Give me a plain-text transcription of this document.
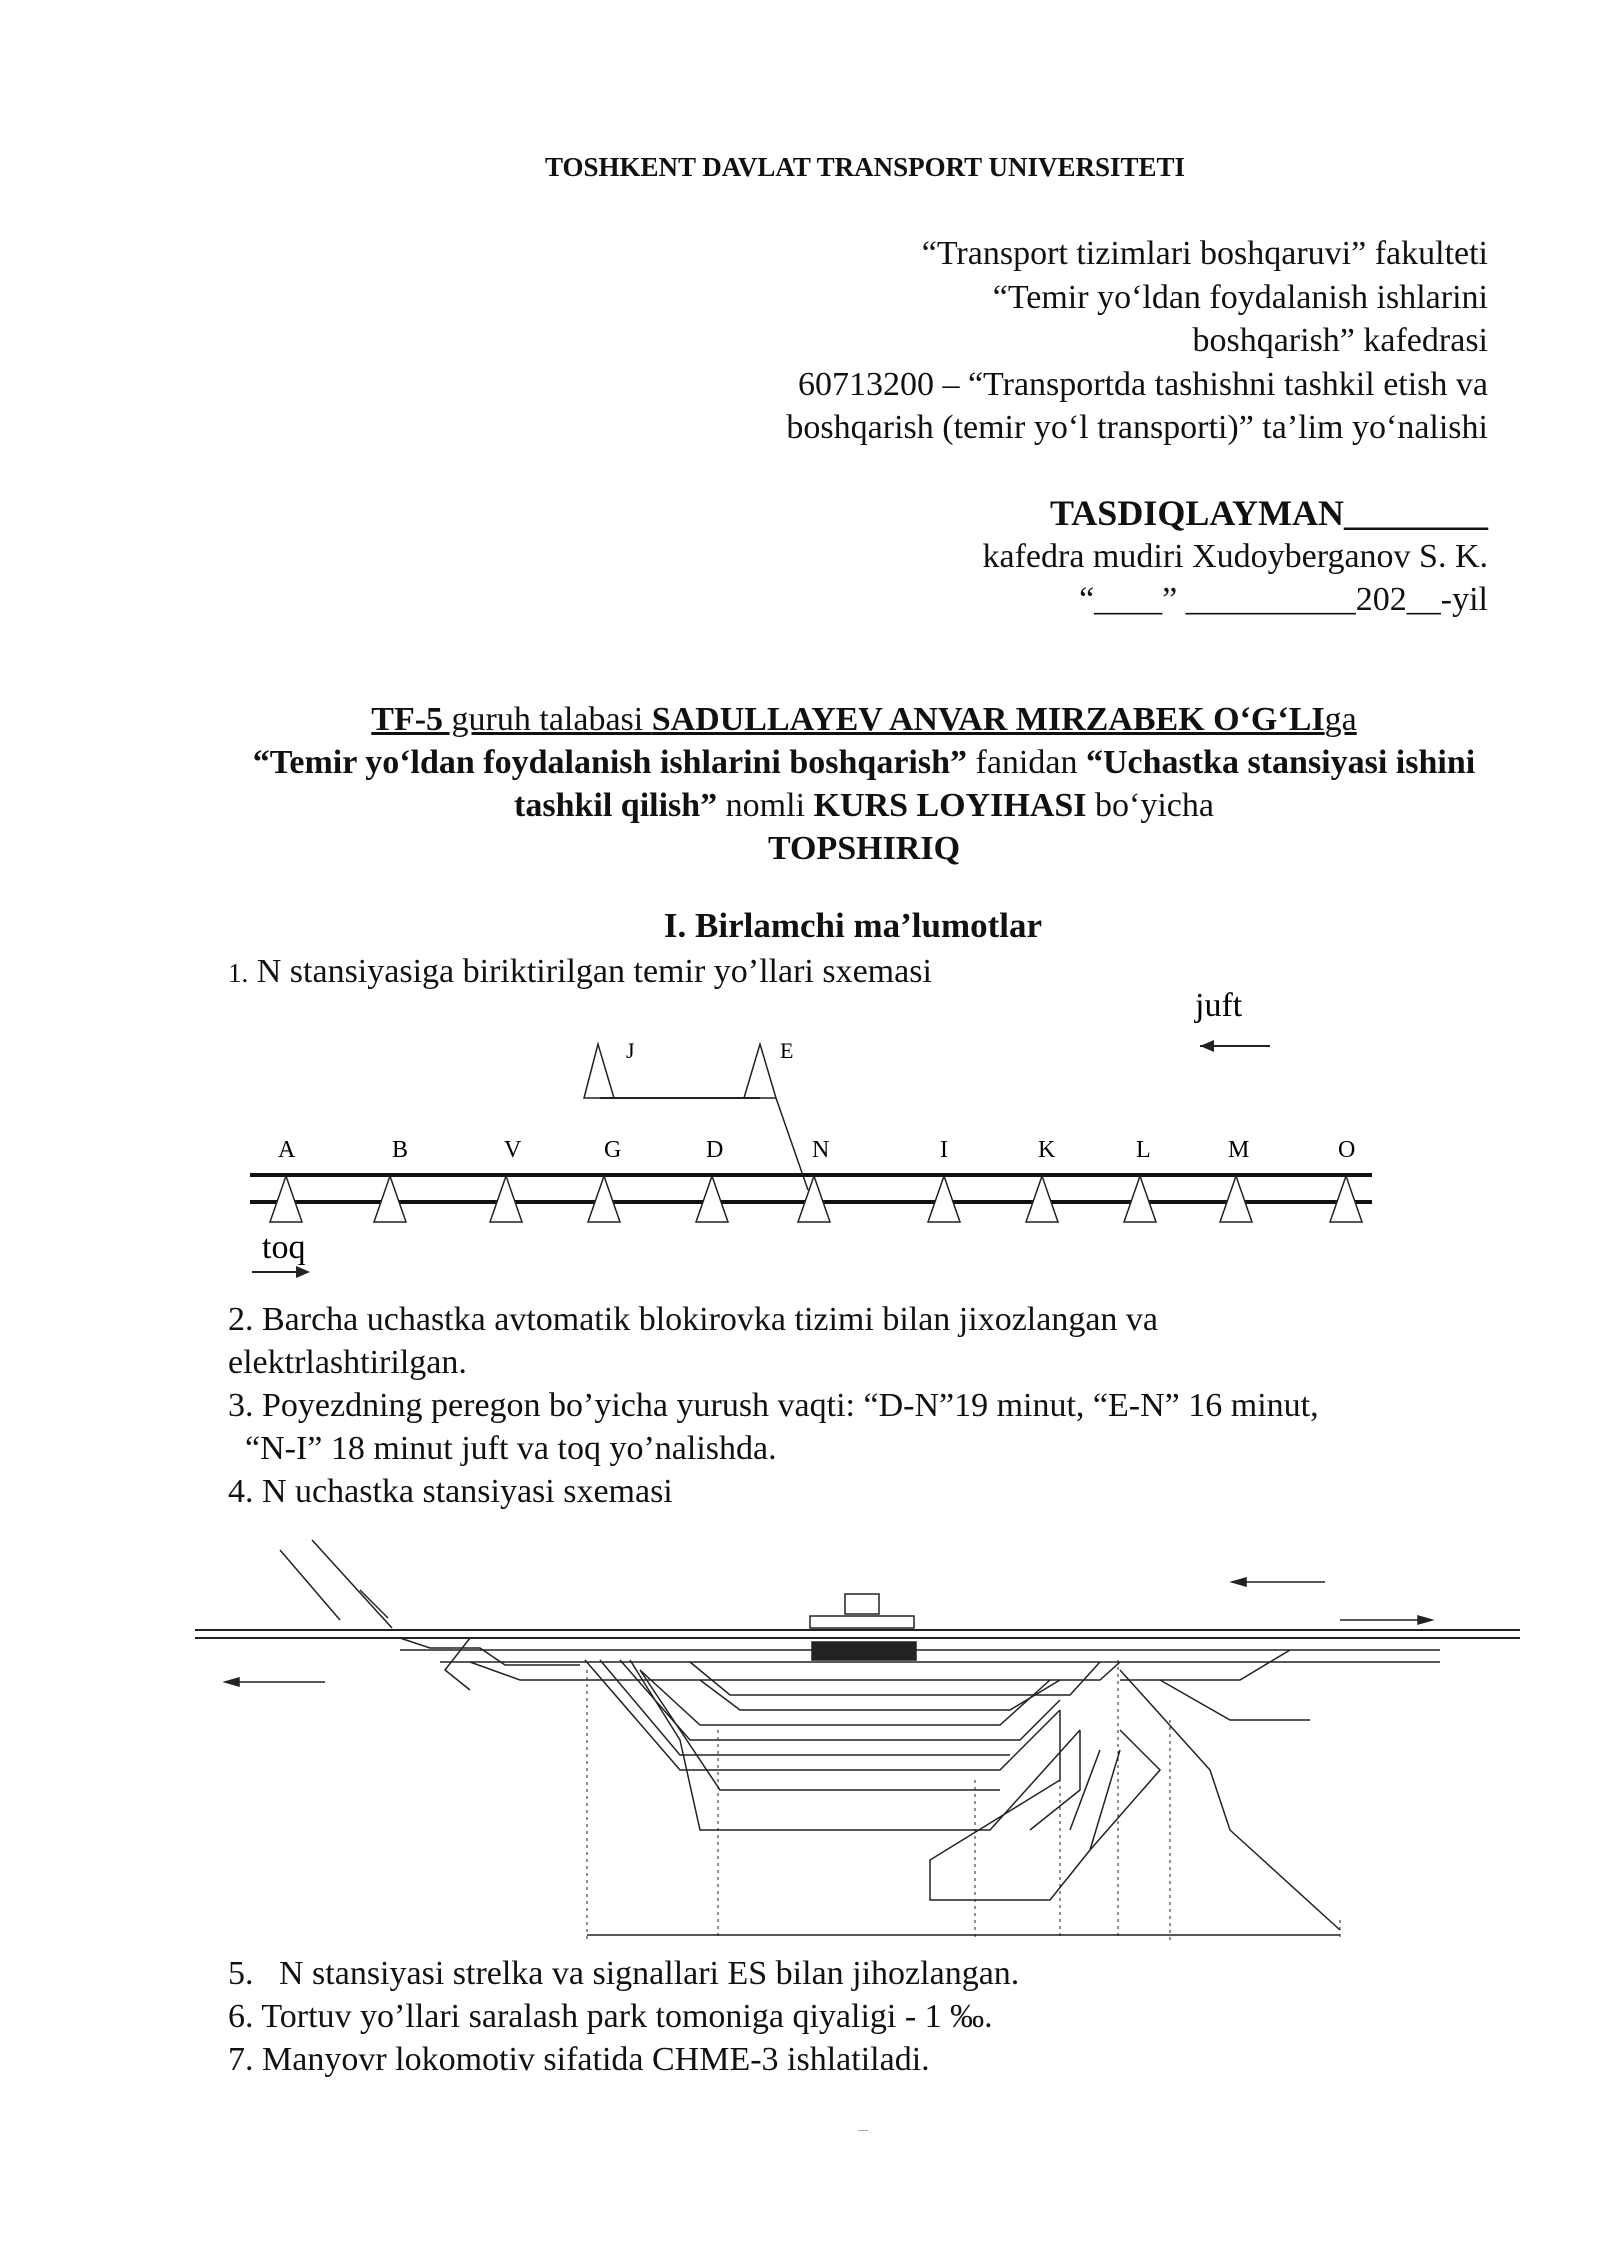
TOSHKENT DAVLAT TRANSPORT UNIVERSITETI
“Transport tizimlari boshqaruvi” fakulteti
“Temir yo‘ldan foydalanish ishlarini
boshqarish” kafedrasi
60713200 – “Transportda tashishni tashkil etish va
boshqarish (temir yo‘l transporti)” ta’lim yo‘nalishi
TASDIQLAYMAN________
kafedra mudiri Xudoyberganov S. K.
“____” __________202__-yil
TF-5 guruh talabasi SADULLAYEV ANVAR MIRZABEK O‘G‘LIga
“Temir yo‘ldan foydalanish ishlarini boshqarish” fanidan “Uchastka stansiyasi ishini tashkil qilish” nomli KURS LOYIHASI bo‘yicha
TOPSHIRIQ
I. Birlamchi ma’lumotlar
1. N stansiyasiga biriktirilgan temir yo’llari sxemasi
juft
J	E
A	B	V	G	D	N	I	K	L	M	O
toq
2. Barcha uchastka avtomatik blokirovka tizimi bilan jixozlangan va
elektrlashtirilgan.
3. Poyezdning peregon bo’yicha yurush vaqti: “D-N”19 minut, “E-N” 16 minut,
“N-I” 18 minut juft va toq yo’nalishda.
4. N uchastka stansiyasi sxemasi
5.   N stansiyasi strelka va signallari ES bilan jihozlangan.
6. Tortuv yo’llari saralash park tomoniga qiyaligi - 1 ‰.
7. Manyovr lokomotiv sifatida CHME-3 ishlatiladi.
